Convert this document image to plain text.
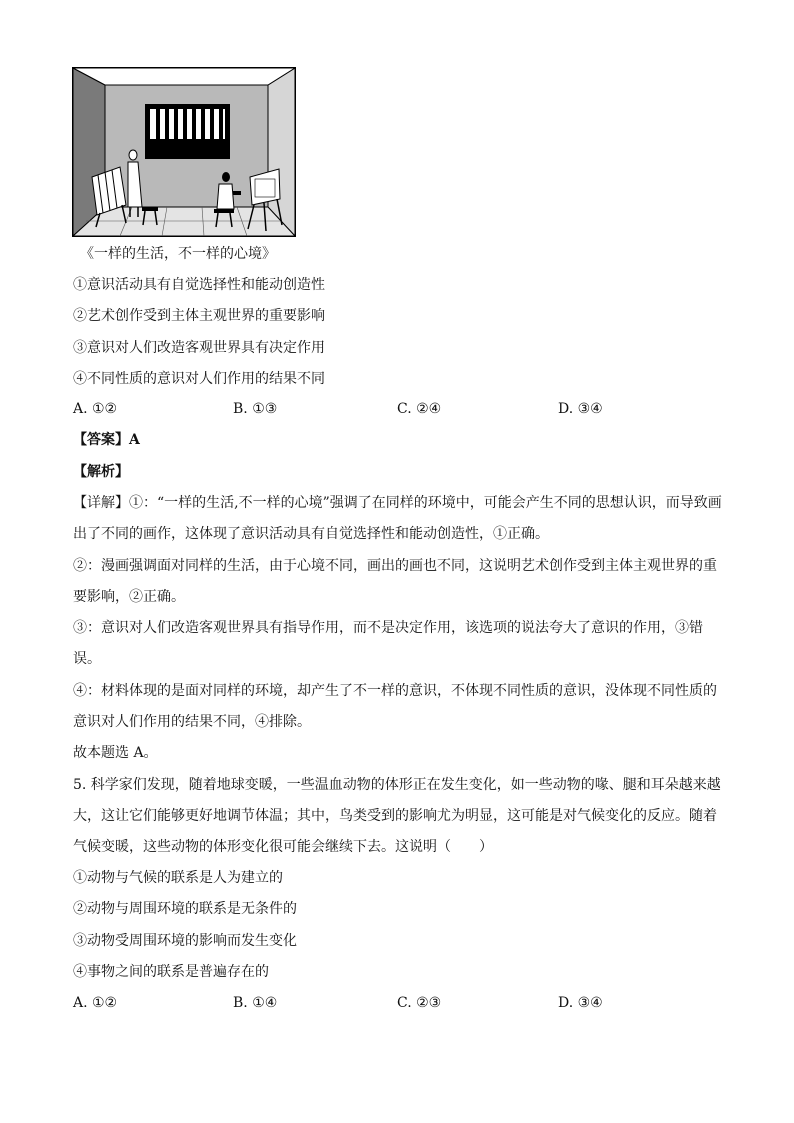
《一样的生活，不一样的心境》
①意识活动具有自觉选择性和能动创造性
②艺术创作受到主体主观世界的重要影响
③意识对人们改造客观世界具有决定作用
④不同性质的意识对人们作用的结果不同
A. ①②	B. ①③	C. ②④	D. ③④
【答案】A
【解析】
【详解】①：“一样的生活,不一样的心境”强调了在同样的环境中，可能会产生不同的思想认识，而导致画
出了不同的画作，这体现了意识活动具有自觉选择性和能动创造性，①正确。
②：漫画强调面对同样的生活，由于心境不同，画出的画也不同，这说明艺术创作受到主体主观世界的重
要影响，②正确。
③：意识对人们改造客观世界具有指导作用，而不是决定作用，该选项的说法夸大了意识的作用，③错
误。
④：材料体现的是面对同样的环境，却产生了不一样的意识，不体现不同性质的意识，没体现不同性质的
意识对人们作用的结果不同，④排除。
故本题选 A。
5. 科学家们发现，随着地球变暖，一些温血动物的体形正在发生变化，如一些动物的喙、腿和耳朵越来越
大，这让它们能够更好地调节体温；其中，鸟类受到的影响尤为明显，这可能是对气候变化的反应。随着
气候变暖，这些动物的体形变化很可能会继续下去。这说明（　　）
①动物与气候的联系是人为建立的
②动物与周围环境的联系是无条件的
③动物受周围环境的影响而发生变化
④事物之间的联系是普遍存在的
A. ①②	B. ①④	C. ②③	D. ③④
